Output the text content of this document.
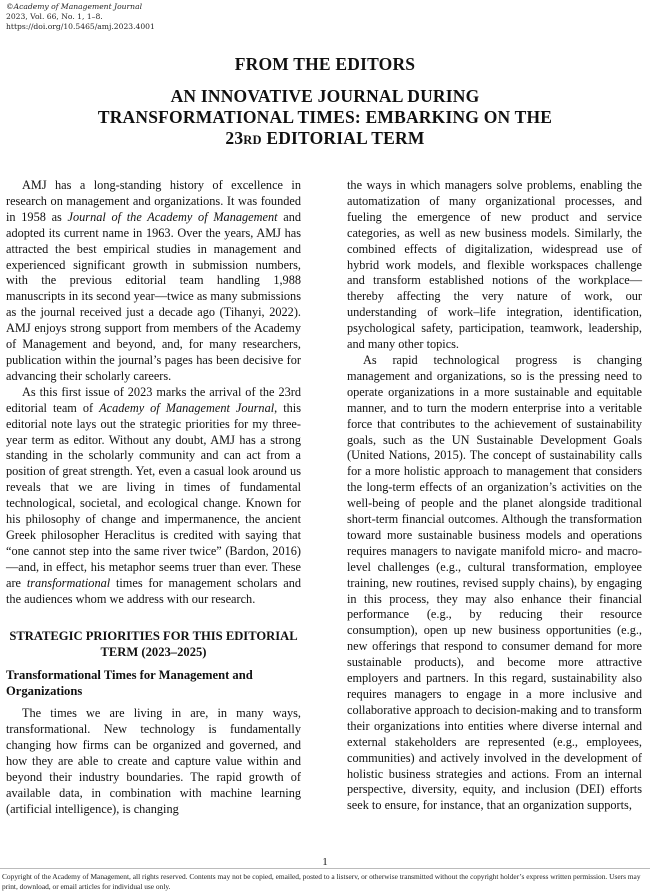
©Academy of Management Journal
2023, Vol. 66, No. 1, 1–8.
https://doi.org/10.5465/amj.2023.4001
FROM THE EDITORS
AN INNOVATIVE JOURNAL DURING
TRANSFORMATIONAL TIMES: EMBARKING ON THE
23RD EDITORIAL TERM

AMJ has a long-standing history of excellence in research on management and organizations. It was founded in 1958 as Journal of the Academy of Management and adopted its current name in 1963. Over the years, AMJ has attracted the best empirical studies in management and experienced significant growth in submission numbers, with the previous editorial team handling 1,988 manuscripts in its second year—twice as many submissions as the journal received just a decade ago (Tihanyi, 2022). AMJ enjoys strong support from members of the Academy of Management and beyond, and, for many researchers, publication within the journal’s pages has been decisive for advancing their scholarly careers.

As this first issue of 2023 marks the arrival of the 23rd editorial team of Academy of Management Journal, this editorial note lays out the strategic priorities for my three-year term as editor. Without any doubt, AMJ has a strong standing in the scholarly community and can act from a position of great strength. Yet, even a casual look around us reveals that we are living in times of fundamental technological, societal, and ecological change. Known for his philosophy of change and impermanence, the ancient Greek philosopher Heraclitus is credited with saying that “one cannot step into the same river twice” (Bardon, 2016)—and, in effect, his metaphor seems truer than ever. These are transformational times for management scholars and the audiences whom we address with our research.

STRATEGIC PRIORITIES FOR THIS EDITORIAL TERM (2023–2025)
Transformational Times for Management and Organizations

The times we are living in are, in many ways, transformational. New technology is fundamentally changing how firms can be organized and governed, and how they are able to create and capture value within and beyond their industry boundaries. The rapid growth of available data, in combination with machine learning (artificial intelligence), is changing

the ways in which managers solve problems, enabling the automatization of many organizational processes, and fueling the emergence of new product and service categories, as well as new business models. Similarly, the combined effects of digitalization, widespread use of hybrid work models, and flexible workspaces challenge and transform established notions of the workplace—thereby affecting the very nature of work, our understanding of work–life integration, identification, psychological safety, participation, teamwork, leadership, and many other topics.

As rapid technological progress is changing management and organizations, so is the pressing need to operate organizations in a more sustainable and equitable manner, and to turn the modern enterprise into a veritable force that contributes to the achievement of sustainability goals, such as the UN Sustainable Development Goals (United Nations, 2015). The concept of sustainability calls for a more holistic approach to management that considers the long-term effects of an organization’s activities on the well-being of people and the planet alongside traditional short-term financial outcomes. Although the transformation toward more sustainable business models and operations requires managers to navigate manifold micro- and macro-level challenges (e.g., cultural transformation, employee training, new routines, revised supply chains), by engaging in this process, they may also enhance their financial performance (e.g., by reducing their resource consumption), open up new business opportunities (e.g., new offerings that respond to consumer demand for more sustainable products), and become more attractive employers and partners. In this regard, sustainability also requires managers to engage in a more inclusive and collaborative approach to decision-making and to transform their organizations into entities where diverse internal and external stakeholders are represented (e.g., employees, communities) and actively involved in the development of holistic business strategies and actions. From an internal perspective, diversity, equity, and inclusion (DEI) efforts seek to ensure, for instance, that an organization supports,

1
Copyright of the Academy of Management, all rights reserved. Contents may not be copied, emailed, posted to a listserv, or otherwise transmitted without the copyright holder’s express written permission. Users may print, download, or email articles for individual use only.
